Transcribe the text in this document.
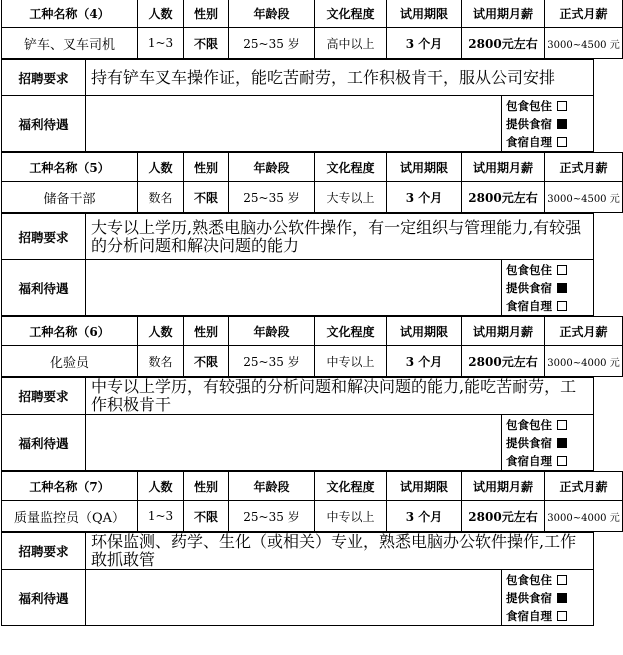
工种名称（4）	人数	性别	年龄段	文化程度	试用期限	试用期月薪	正式月薪
铲车、叉车司机	1~3	不限	25~35 岁	高中以上	3 个月	2800元左右	3000~4500 元
招聘要求	持有铲车叉车操作证，能吃苦耐劳，工作积极肯干，服从公司安排	
福利待遇		包食包住
提供食宿
食宿自理
工种名称（5）	人数	性别	年龄段	文化程度	试用期限	试用期月薪	正式月薪
储备干部	数名	不限	25~35 岁	大专以上	3 个月	2800元左右	3000~4500 元
招聘要求	大专以上学历,熟悉电脑办公软件操作，有一定组织与管理能力,有较强的分析问题和解决问题的能力	
福利待遇		包食包住
提供食宿
食宿自理
工种名称（6）	人数	性别	年龄段	文化程度	试用期限	试用期月薪	正式月薪
化验员	数名	不限	25~35 岁	中专以上	3 个月	2800元左右	3000~4000 元
招聘要求	中专以上学历，有较强的分析问题和解决问题的能力,能吃苦耐劳，工作积极肯干	
福利待遇		包食包住
提供食宿
食宿自理
工种名称（7）	人数	性别	年龄段	文化程度	试用期限	试用期月薪	正式月薪
质量监控员（QA）	1~3	不限	25~35 岁	中专以上	3 个月	2800元左右	3000~4000 元
招聘要求	环保监测、药学、生化（或相关）专业，熟悉电脑办公软件操作,工作敢抓敢管	
福利待遇		包食包住
提供食宿
食宿自理
